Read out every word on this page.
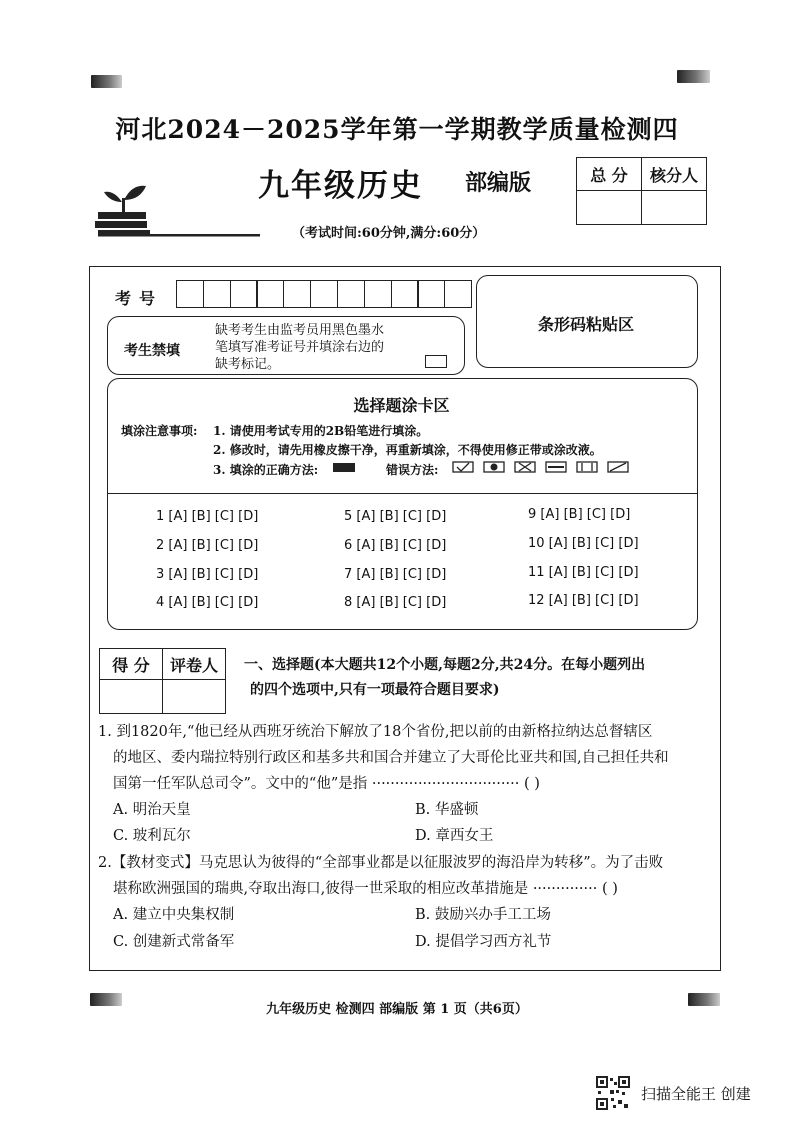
河北2024－2025学年第一学期教学质量检测四
九年级历史 部编版	总 分	核分人

（考试时间:60分钟,满分:60分）
考号
考生禁填
缺考考生由监考员用黑色墨水
笔填写准考证号并填涂右边的
缺考标记。
条形码粘贴区
选择题涂卡区
填涂注意事项: 1. 请使用考试专用的2B铅笔进行填涂。
2. 修改时，请先用橡皮擦干净，再重新填涂，不得使用修正带或涂改液。
3. 填涂的正确方法:	错误方法:
1 [A] [B] [C] [D]	5 [A] [B] [C] [D]	9 [A] [B] [C] [D]
2 [A] [B] [C] [D]	6 [A] [B] [C] [D]	10 [A] [B] [C] [D]
3 [A] [B] [C] [D]	7 [A] [B] [C] [D]	11 [A] [B] [C] [D]
4 [A] [B] [C] [D]	8 [A] [B] [C] [D]	12 [A] [B] [C] [D]
得 分	评卷人
	一、选择题(本大题共12个小题,每题2分,共24分。在每小题列出
的四个选项中,只有一项最符合题目要求)
1. 到1820年,“他已经从西班牙统治下解放了18个省份,把以前的由新格拉纳达总督辖区
的地区、委内瑞拉特别行政区和基多共和国合并建立了大哥伦比亚共和国,自己担任共和
国第一任军队总司令”。文中的“他”是指 ································ ( )
A. 明治天皇	B. 华盛顿
C. 玻利瓦尔	D. 章西女王
2.【教材变式】马克思认为彼得的“全部事业都是以征服波罗的海沿岸为转移”。为了击败
堪称欧洲强国的瑞典,夺取出海口,彼得一世采取的相应改革措施是 ·············· ( )
A. 建立中央集权制	B. 鼓励兴办手工工场
C. 创建新式常备军	D. 提倡学习西方礼节
九年级历史 检测四 部编版 第 1 页（共6页）
扫描全能王 创建
